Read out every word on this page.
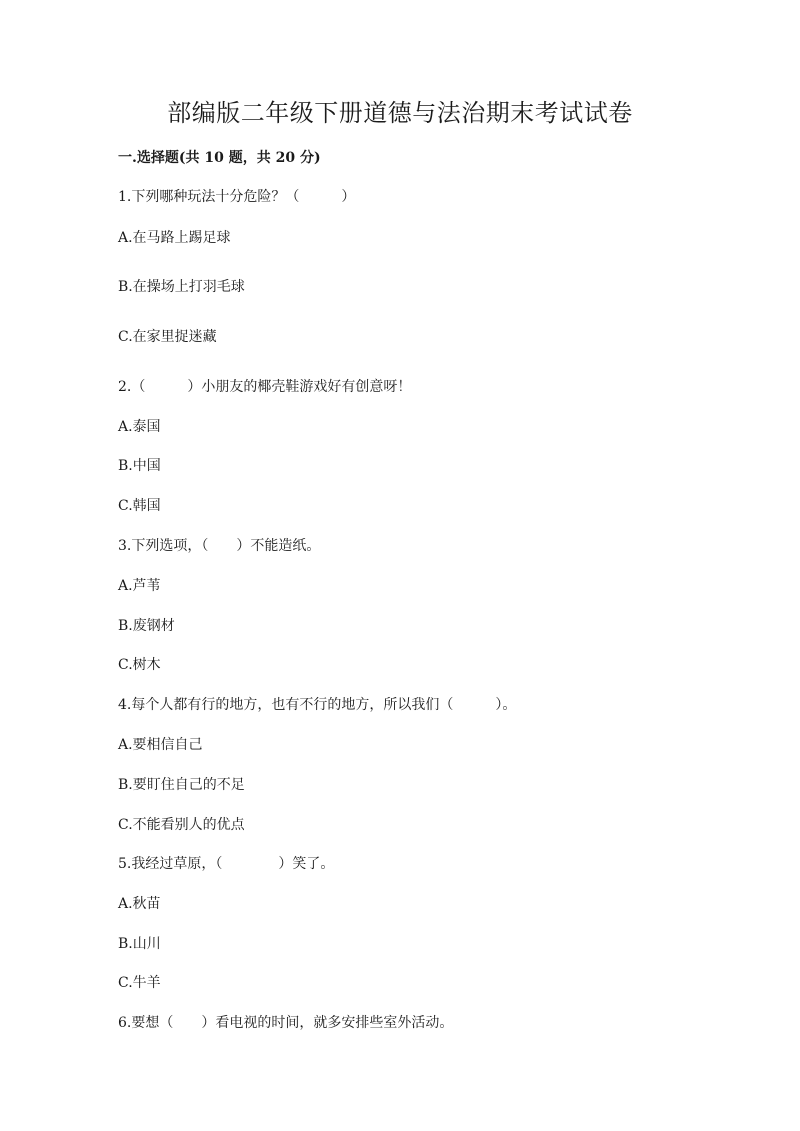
部编版二年级下册道德与法治期末考试试卷
一.选择题(共 10 题，共 20 分)
1.下列哪种玩法十分危险？（　　　）
A.在马路上踢足球
B.在操场上打羽毛球
C.在家里捉迷藏
2.（　　　）小朋友的椰壳鞋游戏好有创意呀！
A.泰国
B.中国
C.韩国
3.下列选项，（　　）不能造纸。
A.芦苇
B.废钢材
C.树木
4.每个人都有行的地方，也有不行的地方，所以我们（　　　）。
A.要相信自己
B.要盯住自己的不足
C.不能看别人的优点
5.我经过草原，（　　　　）笑了。
A.秋苗
B.山川
C.牛羊
6.要想（　　）看电视的时间，就多安排些室外活动。
